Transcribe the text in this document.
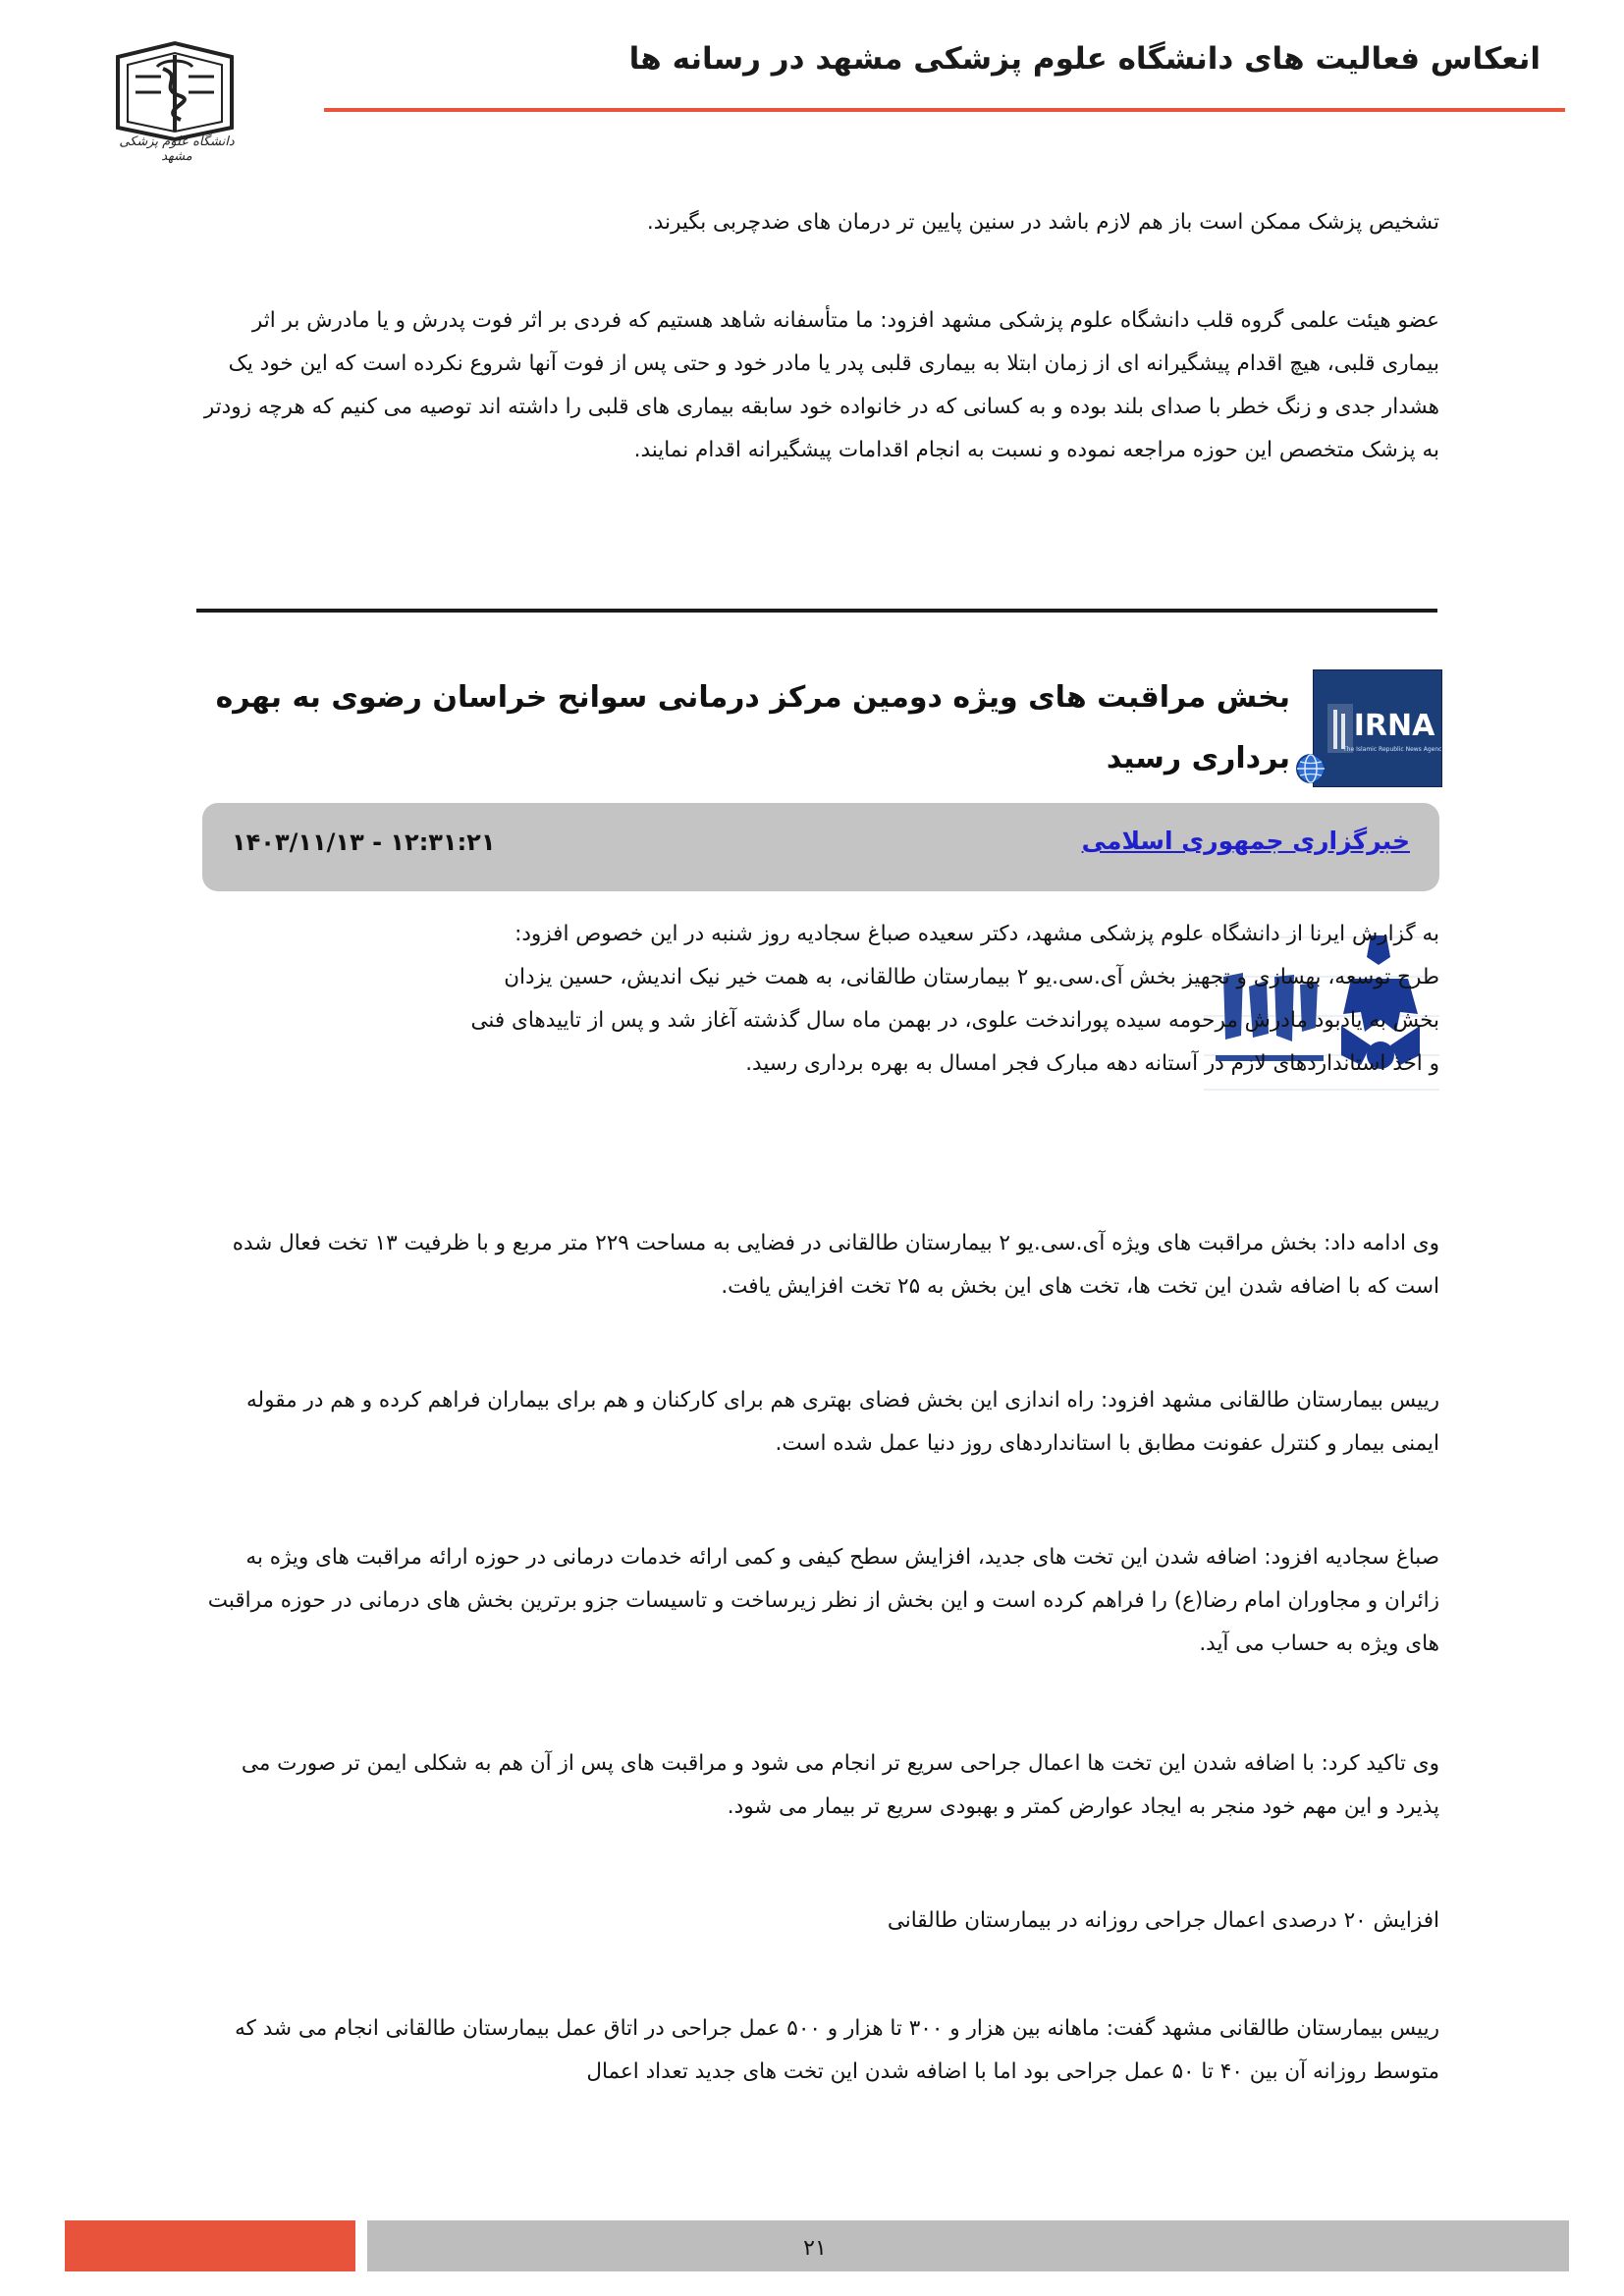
انعکاس فعالیت های دانشگاه علوم پزشکی مشهد در رسانه ها
دانشگاه علوم پزشکی مشهد
تشخیص پزشک ممکن است باز هم لازم باشد در سنین پایین تر درمان های ضدچربی بگیرند.
عضو هیئت علمی گروه قلب دانشگاه علوم پزشکی مشهد افزود: ما متأسفانه شاهد هستیم که فردی بر اثر فوت پدرش و یا مادرش بر اثر بیماری قلبی، هیچ اقدام پیشگیرانه ای از زمان ابتلا به بیماری قلبی پدر یا مادر خود و حتی پس از فوت آنها شروع نکرده است که این خود یک هشدار جدی و زنگ خطر با صدای بلند بوده و به کسانی که در خانواده خود سابقه بیماری های قلبی را داشته اند توصیه می کنیم که هرچه زودتر به پزشک متخصص این حوزه مراجعه نموده و نسبت به انجام اقدامات پیشگیرانه اقدام نمایند.
IRNA
The Islamic Republic News Agency
بخش مراقبت های ویژه دومین مرکز درمانی سوانح خراسان رضوی به بهره برداری رسید
خبرگزاری جمهوری اسلامی
۱۴۰۳/۱۱/۱۳ - ۱۲:۳۱:۲۱
به گزارش ایرنا از دانشگاه علوم پزشکی مشهد، دکتر سعیده صباغ سجادیه روز شنبه در این خصوص افزود: طرح توسعه، بهسازی و تجهیز بخش آی.سی.یو ۲ بیمارستان طالقانی، به همت خیر نیک اندیش، حسین یزدان بخش به یادبود مادرش مرحومه سیده پوراندخت علوی، در بهمن ماه سال گذشته آغاز شد و پس از تاییدهای فنی و اخذ استانداردهای لازم در آستانه دهه مبارک فجر امسال به بهره برداری رسید.
وی ادامه داد: بخش مراقبت های ویژه آی.سی.یو ۲ بیمارستان طالقانی در فضایی به مساحت ۲۲۹ متر مربع و با ظرفیت ۱۳ تخت فعال شده است که با اضافه شدن این تخت ها، تخت های این بخش به ۲۵ تخت افزایش یافت.
رییس بیمارستان طالقانی مشهد افزود: راه اندازی این بخش فضای بهتری هم برای کارکنان و هم برای بیماران فراهم کرده و هم در مقوله ایمنی بیمار و کنترل عفونت مطابق با استانداردهای روز دنیا عمل شده است.
صباغ سجادیه افزود: اضافه شدن این تخت های جدید، افزایش سطح کیفی و کمی ارائه خدمات درمانی در حوزه ارائه مراقبت های ویژه به زائران و مجاوران امام رضا(ع) را فراهم کرده است و این بخش از نظر زیرساخت و تاسیسات جزو برترین بخش های درمانی در حوزه مراقبت های ویژه به حساب می آید.
وی تاکید کرد: با اضافه شدن این تخت ها اعمال جراحی سریع تر انجام می شود و مراقبت های پس از آن هم به شکلی ایمن تر صورت می پذیرد و این مهم خود منجر به ایجاد عوارض کمتر و بهبودی سریع تر بیمار می شود.
افزایش ۲۰ درصدی اعمال جراحی روزانه در بیمارستان طالقانی
رییس بیمارستان طالقانی مشهد گفت: ماهانه بین هزار و ۳۰۰ تا هزار و ۵۰۰ عمل جراحی در اتاق عمل بیمارستان طالقانی انجام می شد که متوسط روزانه آن بین ۴۰ تا ۵۰ عمل جراحی بود اما با اضافه شدن این تخت های جدید تعداد اعمال
۲۱
